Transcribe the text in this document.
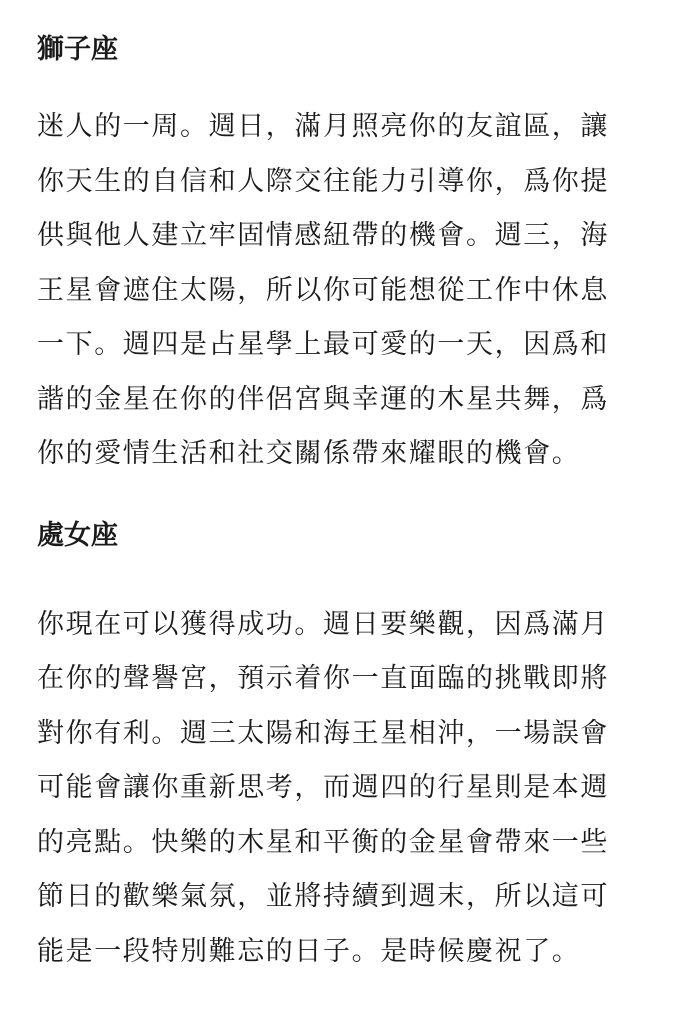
獅子座

迷人的一周。週日，滿月照亮你的友誼區，讓
你天生的自信和人際交往能力引導你，爲你提
供與他人建立牢固情感紐帶的機會。週三，海
王星會遮住太陽，所以你可能想從工作中休息
一下。週四是占星學上最可愛的一天，因爲和
諧的金星在你的伴侶宮與幸運的木星共舞，爲
你的愛情生活和社交關係帶來耀眼的機會。

處女座

你現在可以獲得成功。週日要樂觀，因爲滿月
在你的聲譽宮，預示着你一直面臨的挑戰即將
對你有利。週三太陽和海王星相沖，一場誤會
可能會讓你重新思考，而週四的行星則是本週
的亮點。快樂的木星和平衡的金星會帶來一些
節日的歡樂氣氛，並將持續到週末，所以這可
能是一段特別難忘的日子。是時候慶祝了。
